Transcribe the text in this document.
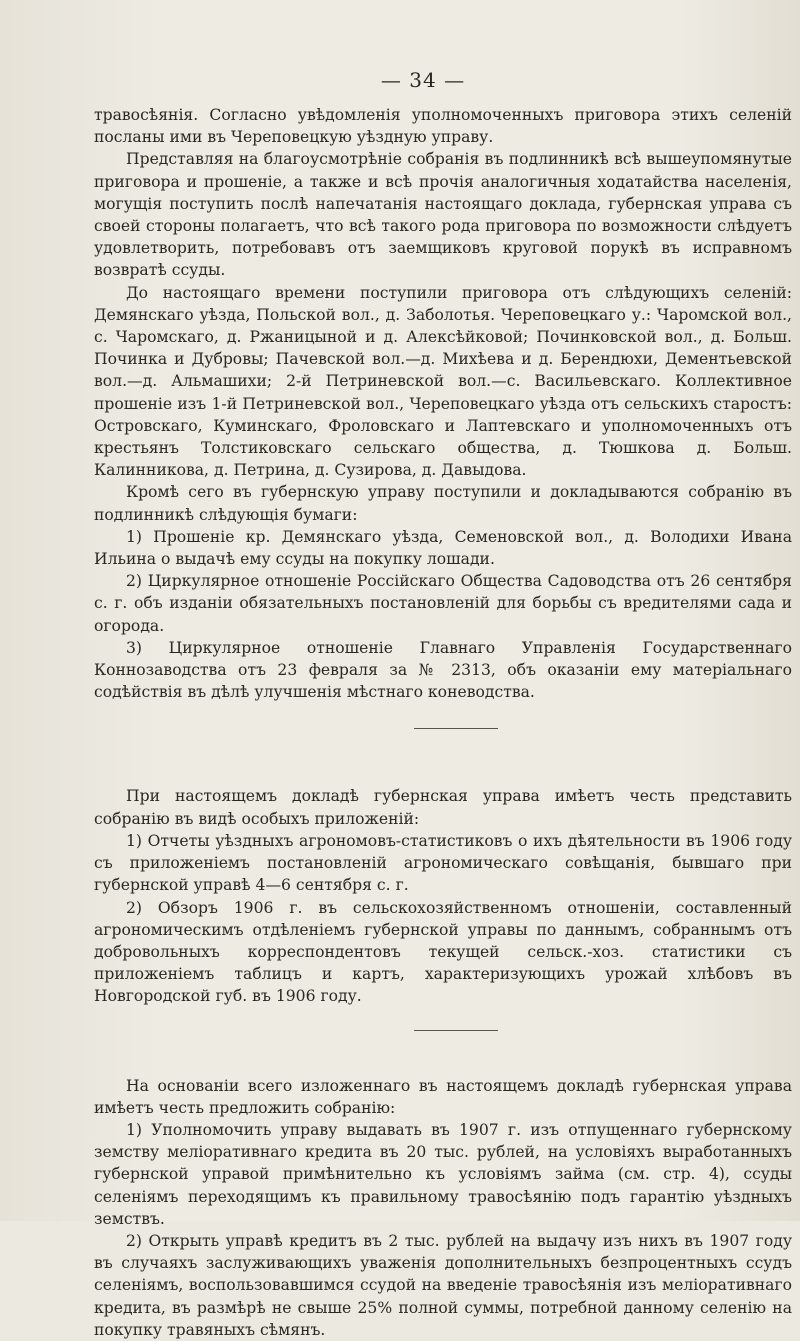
— 34 —

травосѣянія. Согласно увѣдомленія уполномоченныхъ приговора этихъ селеній посланы ими въ Череповецкую уѣздную управу.

Представляя на благоусмотрѣніе собранія въ подлинникѣ всѣ вышеупомянутые приговора и прошеніе, а также и всѣ прочія аналогичныя ходатайства населенія, могущія поступить послѣ напечатанія настоящаго доклада, губернская управа съ своей стороны полагаетъ, что всѣ такого рода приговора по возможности слѣдуетъ удовлетворить, потребовавъ отъ заемщиковъ круговой порукѣ въ исправномъ возвратѣ ссуды.

До настоящаго времени поступили приговора отъ слѣдующихъ селеній: Демянскаго уѣзда, Польской вол., д. Заболотья. Череповецкаго у.: Чаромской вол., с. Чаромскаго, д. Ржаницыной и д. Алексѣйковой; Починковской вол., д. Больш. Починка и Дубровы; Пачевской вол.—д. Михѣева и д. Берендюхи, Дементьевской вол.—д. Альмашихи; 2-й Петриневской вол.—с. Васильевскаго. Коллективное прошеніе изъ 1-й Петриневской вол., Череповецкаго уѣзда отъ сельскихъ старостъ: Островскаго, Куминскаго, Фроловскаго и Лаптевскаго и уполномоченныхъ отъ крестьянъ Толстиковскаго сельскаго общества, д. Тюшкова д. Больш. Калинникова, д. Петрина, д. Сузирова, д. Давыдова.

Кромѣ сего въ губернскую управу поступили и докладываются собранію въ подлинникѣ слѣдующія бумаги:

1) Прошеніе кр. Демянскаго уѣзда, Семеновской вол., д. Володихи Ивана Ильина о выдачѣ ему ссуды на покупку лошади.

2) Циркулярное отношеніе Россійскаго Общества Садоводства отъ 26 сентября с. г. объ изданіи обязательныхъ постановленій для борьбы съ вредителями сада и огорода.

3) Циркулярное отношеніе Главнаго Управленія Государственнаго Коннозаводства отъ 23 февраля за № 2313, объ оказаніи ему матеріальнаго содѣйствія въ дѣлѣ улучшенія мѣстнаго коневодства.

При настоящемъ докладѣ губернская управа имѣетъ честь представить собранію въ видѣ особыхъ приложеній:

1) Отчеты уѣздныхъ агрономовъ-статистиковъ о ихъ дѣятельности въ 1906 году съ приложеніемъ постановленій агрономическаго совѣщанія, бывшаго при губернской управѣ 4—6 сентября с. г.

2) Обзоръ 1906 г. въ сельскохозяйственномъ отношеніи, составленный агрономическимъ отдѣленіемъ губернской управы по даннымъ, собраннымъ отъ добровольныхъ корреспондентовъ текущей сельск.-хоз. статистики съ приложеніемъ таблицъ и картъ, характеризующихъ урожай хлѣбовъ въ Новгородской губ. въ 1906 году.

На основаніи всего изложеннаго въ настоящемъ докладѣ губернская управа имѣетъ честь предложить собранію:

1) Уполномочить управу выдавать въ 1907 г. изъ отпущеннаго губернскому земству меліоративнаго кредита въ 20 тыс. рублей, на условіяхъ выработанныхъ губернской управой примѣнительно къ условіямъ займа (см. стр. 4), ссуды селеніямъ переходящимъ къ правильному травосѣянію подъ гарантію уѣздныхъ земствъ.

2) Открыть управѣ кредитъ въ 2 тыс. рублей на выдачу изъ нихъ въ 1907 году въ случаяхъ заслуживающихъ уваженія дополнительныхъ безпроцентныхъ ссудъ селеніямъ, воспользовавшимся ссудой на введеніе травосѣянія изъ меліоративнаго кредита, въ размѣрѣ не свыше 25% полной суммы, потребной данному селенію на покупку травяныхъ сѣмянъ.
